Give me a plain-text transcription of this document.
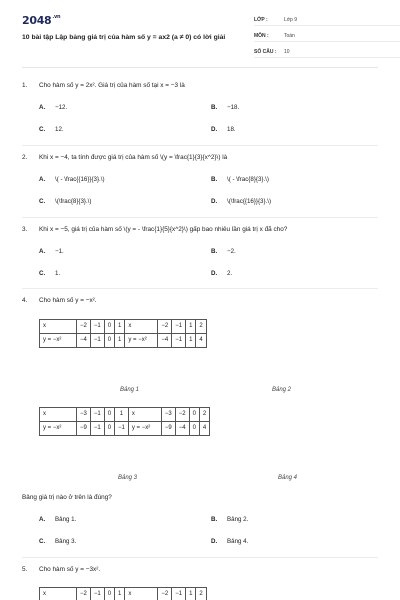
$2048^{.vn}$
10 bài tập Lập bảng giá trị của hàm số y = ax2 (a ≠ 0) có lời giải
LỚP :	Lớp 9
MÔN :	Toán
SỐ CÂU :	10
1.	Cho hàm số y = 2x². Giá trị của hàm số tại x = −3 là
A.	−12.	B.	−18.
C.	12.	D.	18.
2.	Khi x = −4, ta tính được giá trị của hàm số \(y = \frac{1}{3}{x^2}\) là
A.	\( - \frac{{16}}{3}.\)	B.	\( - \frac{8}{3}.\)
C.	\(\frac{8}{3}.\)	D.	\(\frac{{16}}{3}.\)
3.	Khi x = −5, giá trị của hàm số \(y = - \frac{1}{5}{x^2}\) gấp bao nhiêu lần giá trị x đã cho?
A.	−1.	B.	−2.
C.	1.	D.	2.
4.	Cho hàm số y = −x².
x	−2	−1	0	1	x	−2	−1	1	2
y = −x²	−4	−1	0	1	y = −x²	−4	−1	1	4
Bảng 1	Bảng 2
x	−3	−1	0	1	x	−3	−2	0	2
y = −x²	−9	−1	0	−1	y = −x²	−9	−4	0	4
Bảng 3	Bảng 4
Bảng giá trị nào ở trên là đúng?
A.	Bảng 1.	B.	Bảng 2.
C.	Bảng 3.	D.	Bảng 4.
5.	Cho hàm số y = −3x².
x	−2	−1	0	1	x	−2	−1	1	2
